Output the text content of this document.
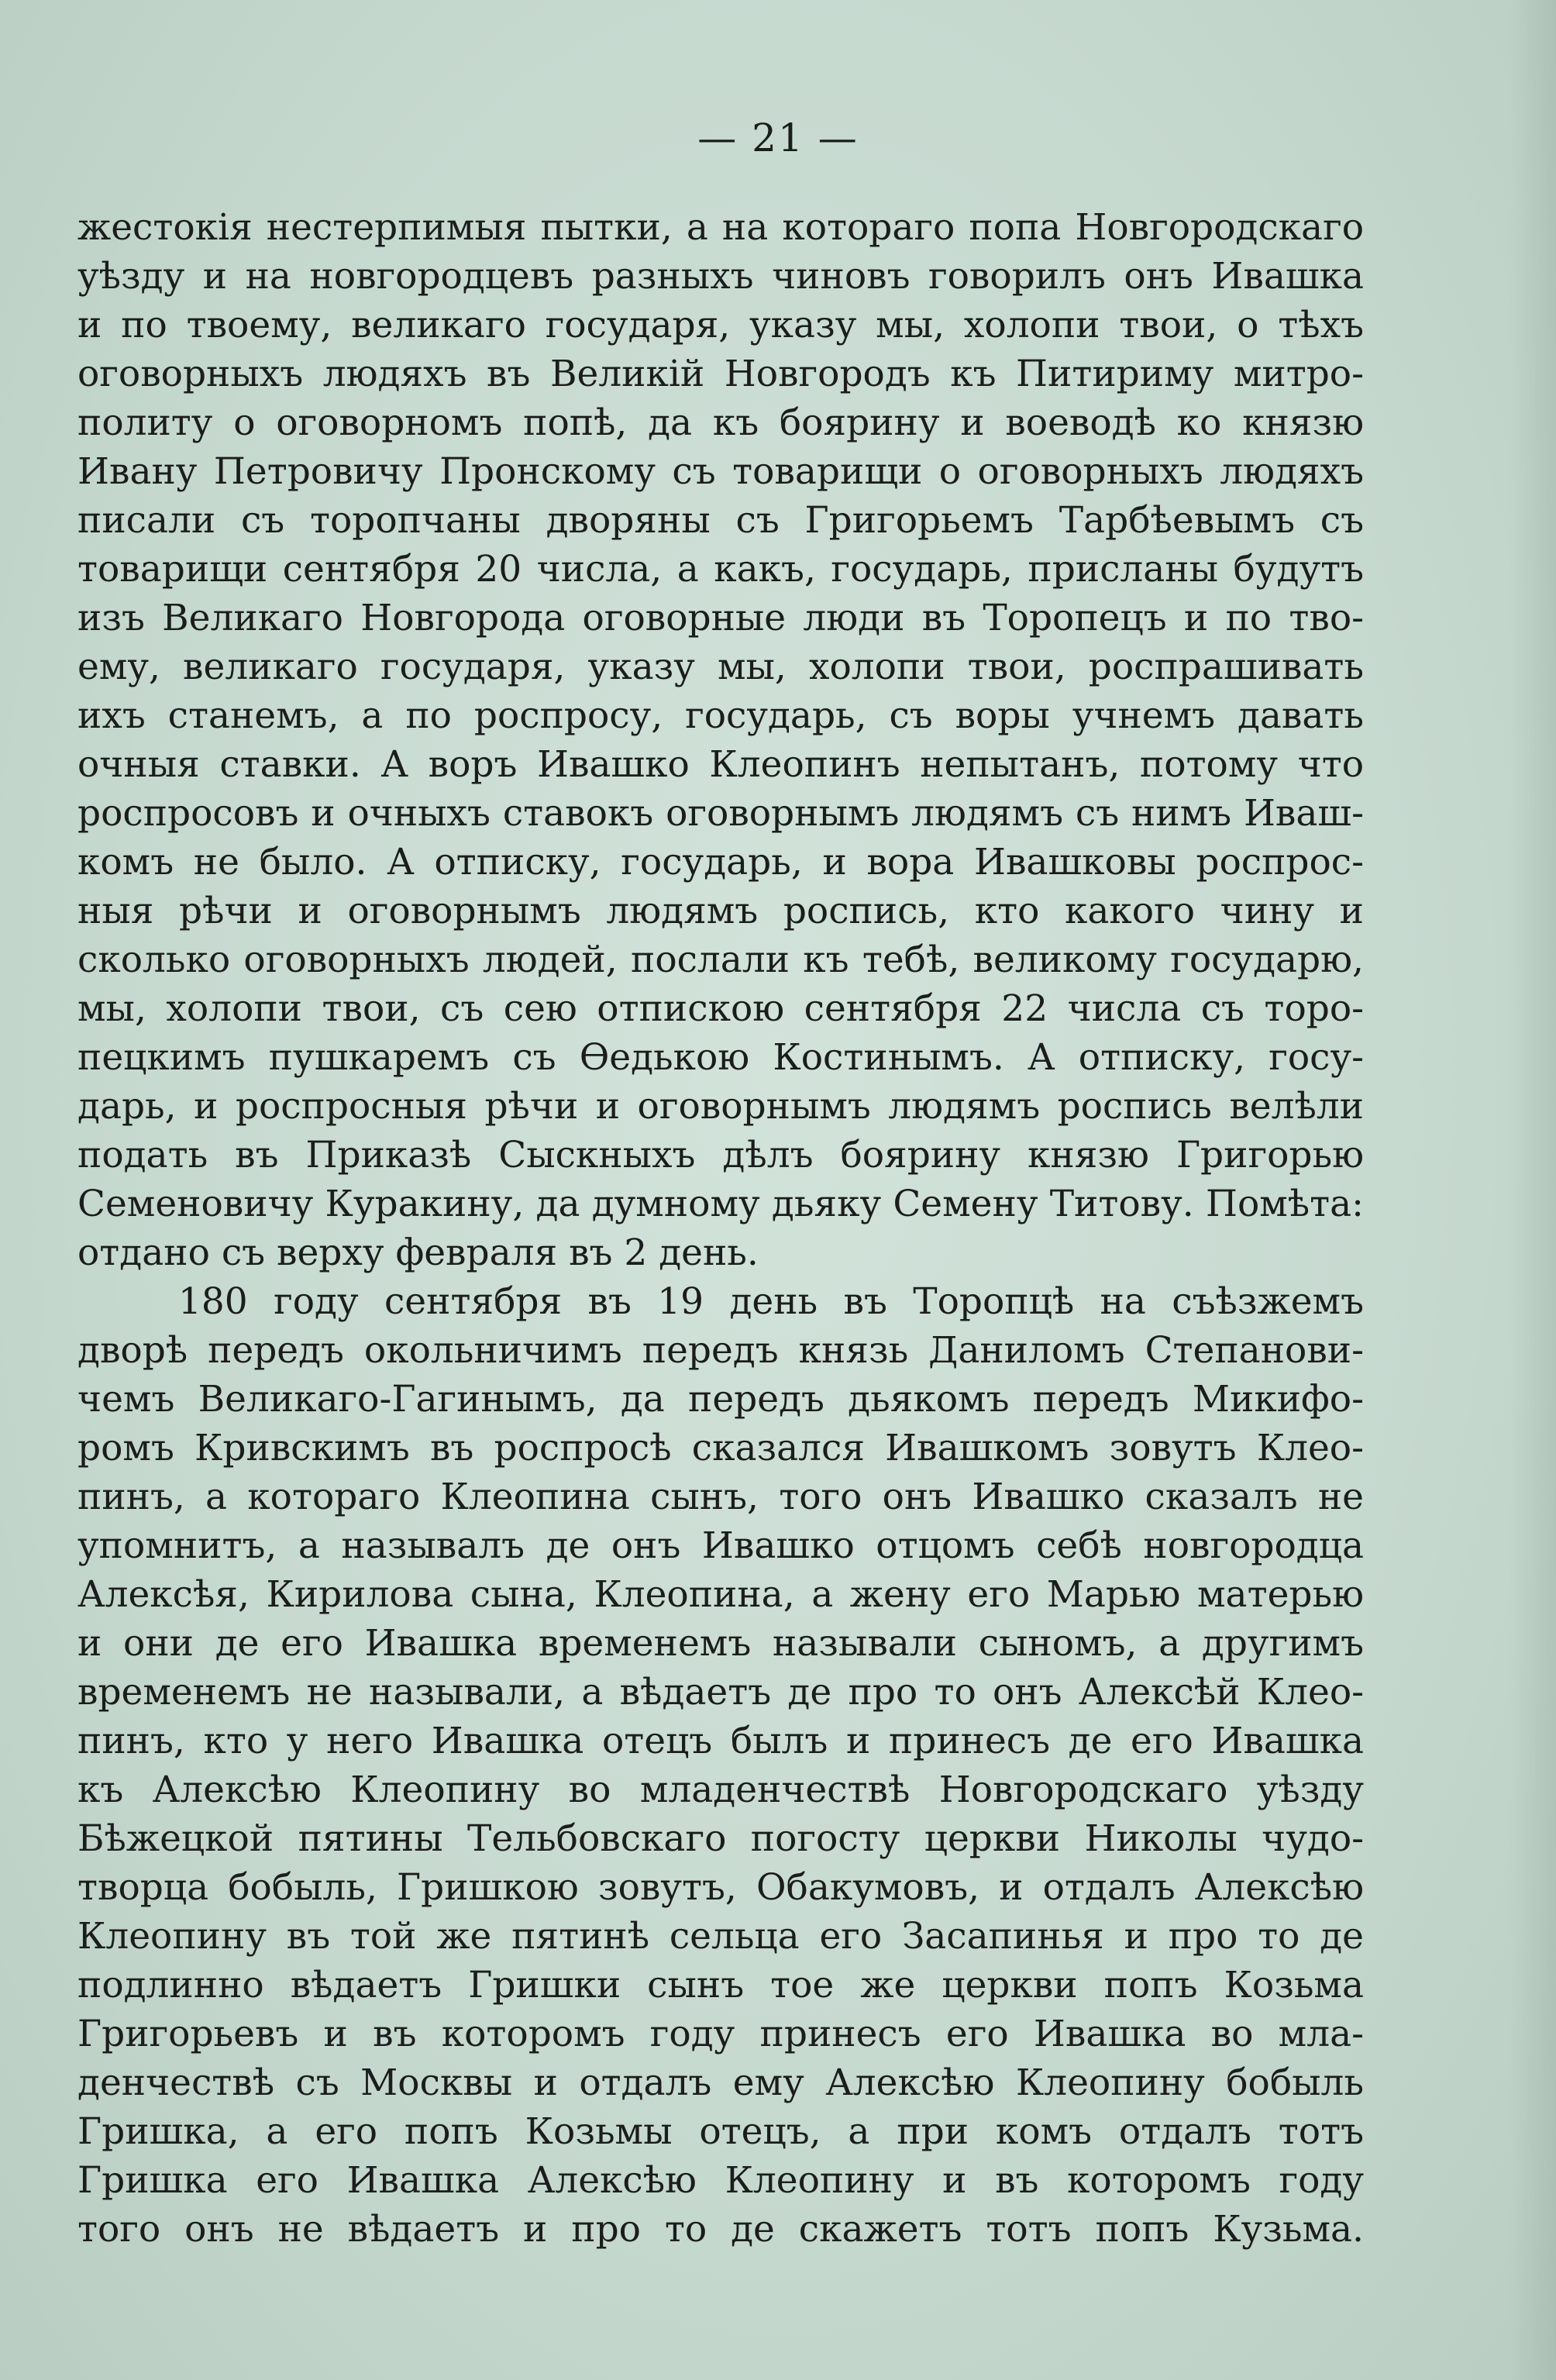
— 21 —
жестокія нестерпимыя пытки, а на котораго попа Новгородскаго
уѣзду и на новгородцевъ разныхъ чиновъ говорилъ онъ Ивашка
и по твоему, великаго государя, указу мы, холопи твои, о тѣхъ
оговорныхъ людяхъ въ Великій Новгородъ къ Питириму митро-
политу о оговорномъ попѣ, да къ боярину и воеводѣ ко князю
Ивану Петровичу Пронскому съ товарищи о оговорныхъ людяхъ
писали съ торопчаны дворяны съ Григорьемъ Тарбѣевымъ съ
товарищи сентября 20 числа, а какъ, государь, присланы будутъ
изъ Великаго Новгорода оговорные люди въ Торопецъ и по тво-
ему, великаго государя, указу мы, холопи твои, роспрашивать
ихъ станемъ, а по роспросу, государь, съ воры учнемъ давать
очныя ставки. А воръ Ивашко Клеопинъ непытанъ, потому что
роспросовъ и очныхъ ставокъ оговорнымъ людямъ съ нимъ Иваш-
комъ не было. А отписку, государь, и вора Ивашковы роспрос-
ныя рѣчи и оговорнымъ людямъ роспись, кто какого чину и
сколько оговорныхъ людей, послали къ тебѣ, великому государю,
мы, холопи твои, съ сею отпискою сентября 22 числа съ торо-
пецкимъ пушкаремъ съ Ѳедькою Костинымъ. А отписку, госу-
дарь, и роспросныя рѣчи и оговорнымъ людямъ роспись велѣли
подать въ Приказѣ Сыскныхъ дѣлъ боярину князю Григорью
Семеновичу Куракину, да думному дьяку Семену Титову. Помѣта:
отдано съ верху февраля въ 2 день.
180 году сентября въ 19 день въ Торопцѣ на съѣзжемъ
дворѣ передъ окольничимъ передъ князь Даниломъ Степанови-
чемъ Великаго-Гагинымъ, да передъ дьякомъ передъ Микифо-
ромъ Кривскимъ въ роспросѣ сказался Ивашкомъ зовутъ Клео-
пинъ, а котораго Клеопина сынъ, того онъ Ивашко сказалъ не
упомнитъ, а называлъ де онъ Ивашко отцомъ себѣ новгородца
Алексѣя, Кирилова сына, Клеопина, а жену его Марью матерью
и они де его Ивашка временемъ называли сыномъ, а другимъ
временемъ не называли, а вѣдаетъ де про то онъ Алексѣй Клео-
пинъ, кто у него Ивашка отецъ былъ и принесъ де его Ивашка
къ Алексѣю Клеопину во младенчествѣ Новгородскаго уѣзду
Бѣжецкой пятины Тельбовскаго погосту церкви Николы чудо-
творца бобыль, Гришкою зовутъ, Обакумовъ, и отдалъ Алексѣю
Клеопину въ той же пятинѣ сельца его Засапинья и про то де
подлинно вѣдаетъ Гришки сынъ тое же церкви попъ Козьма
Григорьевъ и въ которомъ году принесъ его Ивашка во мла-
денчествѣ съ Москвы и отдалъ ему Алексѣю Клеопину бобыль
Гришка, а его попъ Козьмы отецъ, а при комъ отдалъ тотъ
Гришка его Ивашка Алексѣю Клеопину и въ которомъ году
того онъ не вѣдаетъ и про то де скажетъ тотъ попъ Кузьма.
